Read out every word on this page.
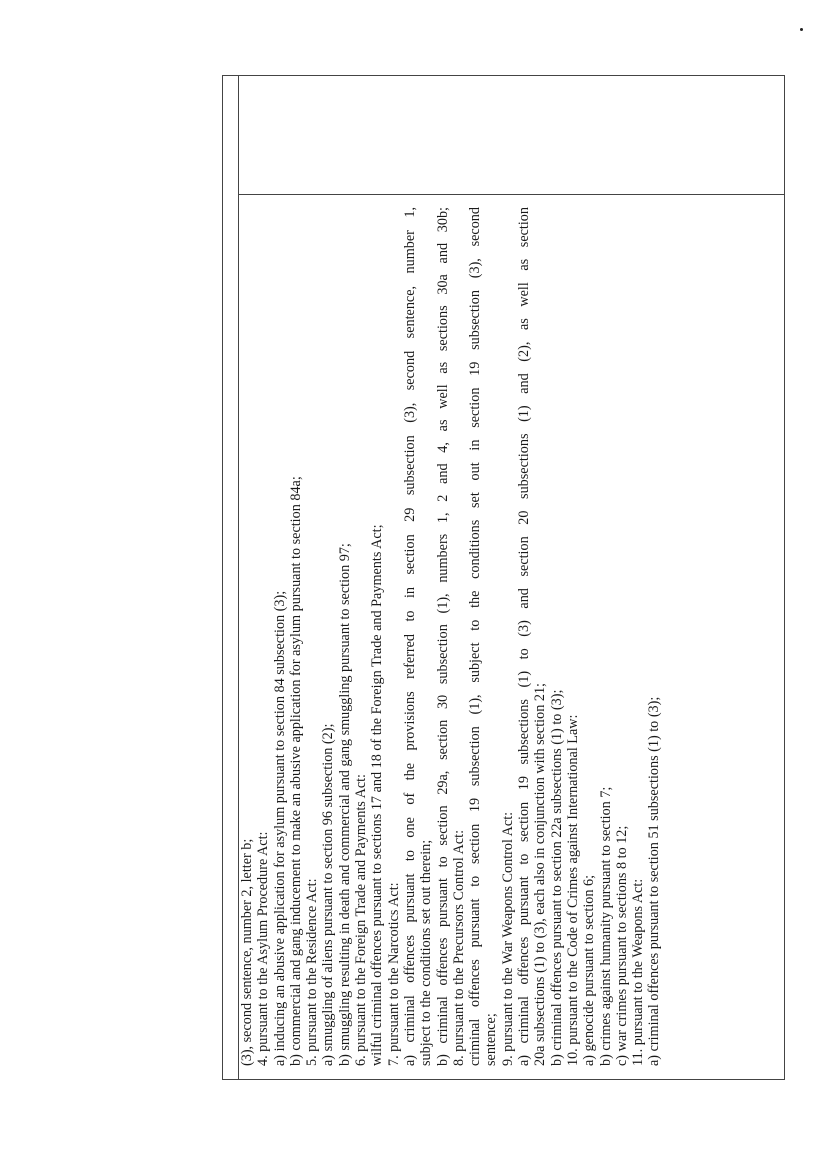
(3), second sentence, number 2, letter b; 4. pursuant to the Asylum Procedure Act: a) inducing an abusive application for asylum pursuant to section 84 subsection (3); b) commercial and gang inducement to make an abusive application for asylum pursuant to section 84a; 5. pursuant to the Residence Act: a) smuggling of aliens pursuant to section 96 subsection (2); b) smuggling resulting in death and commercial and gang smuggling pursuant to section 97; 6. pursuant to the Foreign Trade and Payments Act: wilful criminal offences pursuant to sections 17 and 18 of the Foreign Trade and Payments Act; 7. pursuant to the Narcotics Act: a) criminal offences pursuant to one of the provisions referred to in section 29 subsection (3), second sentence, number 1, subject to the conditions set out therein; b) criminal offences pursuant to section 29a, section 30 subsection (1), numbers 1, 2 and 4, as well as sections 30a and 30b; 8. pursuant to the Precursors Control Act: criminal offences pursuant to section 19 subsection (1), subject to the conditions set out in section 19 subsection (3), second sentence; 9. pursuant to the War Weapons Control Act: a) criminal offences pursuant to section 19 subsections (1) to (3) and section 20 subsections (1) and (2), as well as section 20a subsections (1) to (3), each also in conjunction with section 21; b) criminal offences pursuant to section 22a subsections (1) to (3); 10. pursuant to the Code of Crimes against International Law: a) genocide pursuant to section 6; b) crimes against humanity pursuant to section 7; c) war crimes pursuant to sections 8 to 12; 11. pursuant to the Weapons Act: a) criminal offences pursuant to section 51 subsections (1) to (3);
